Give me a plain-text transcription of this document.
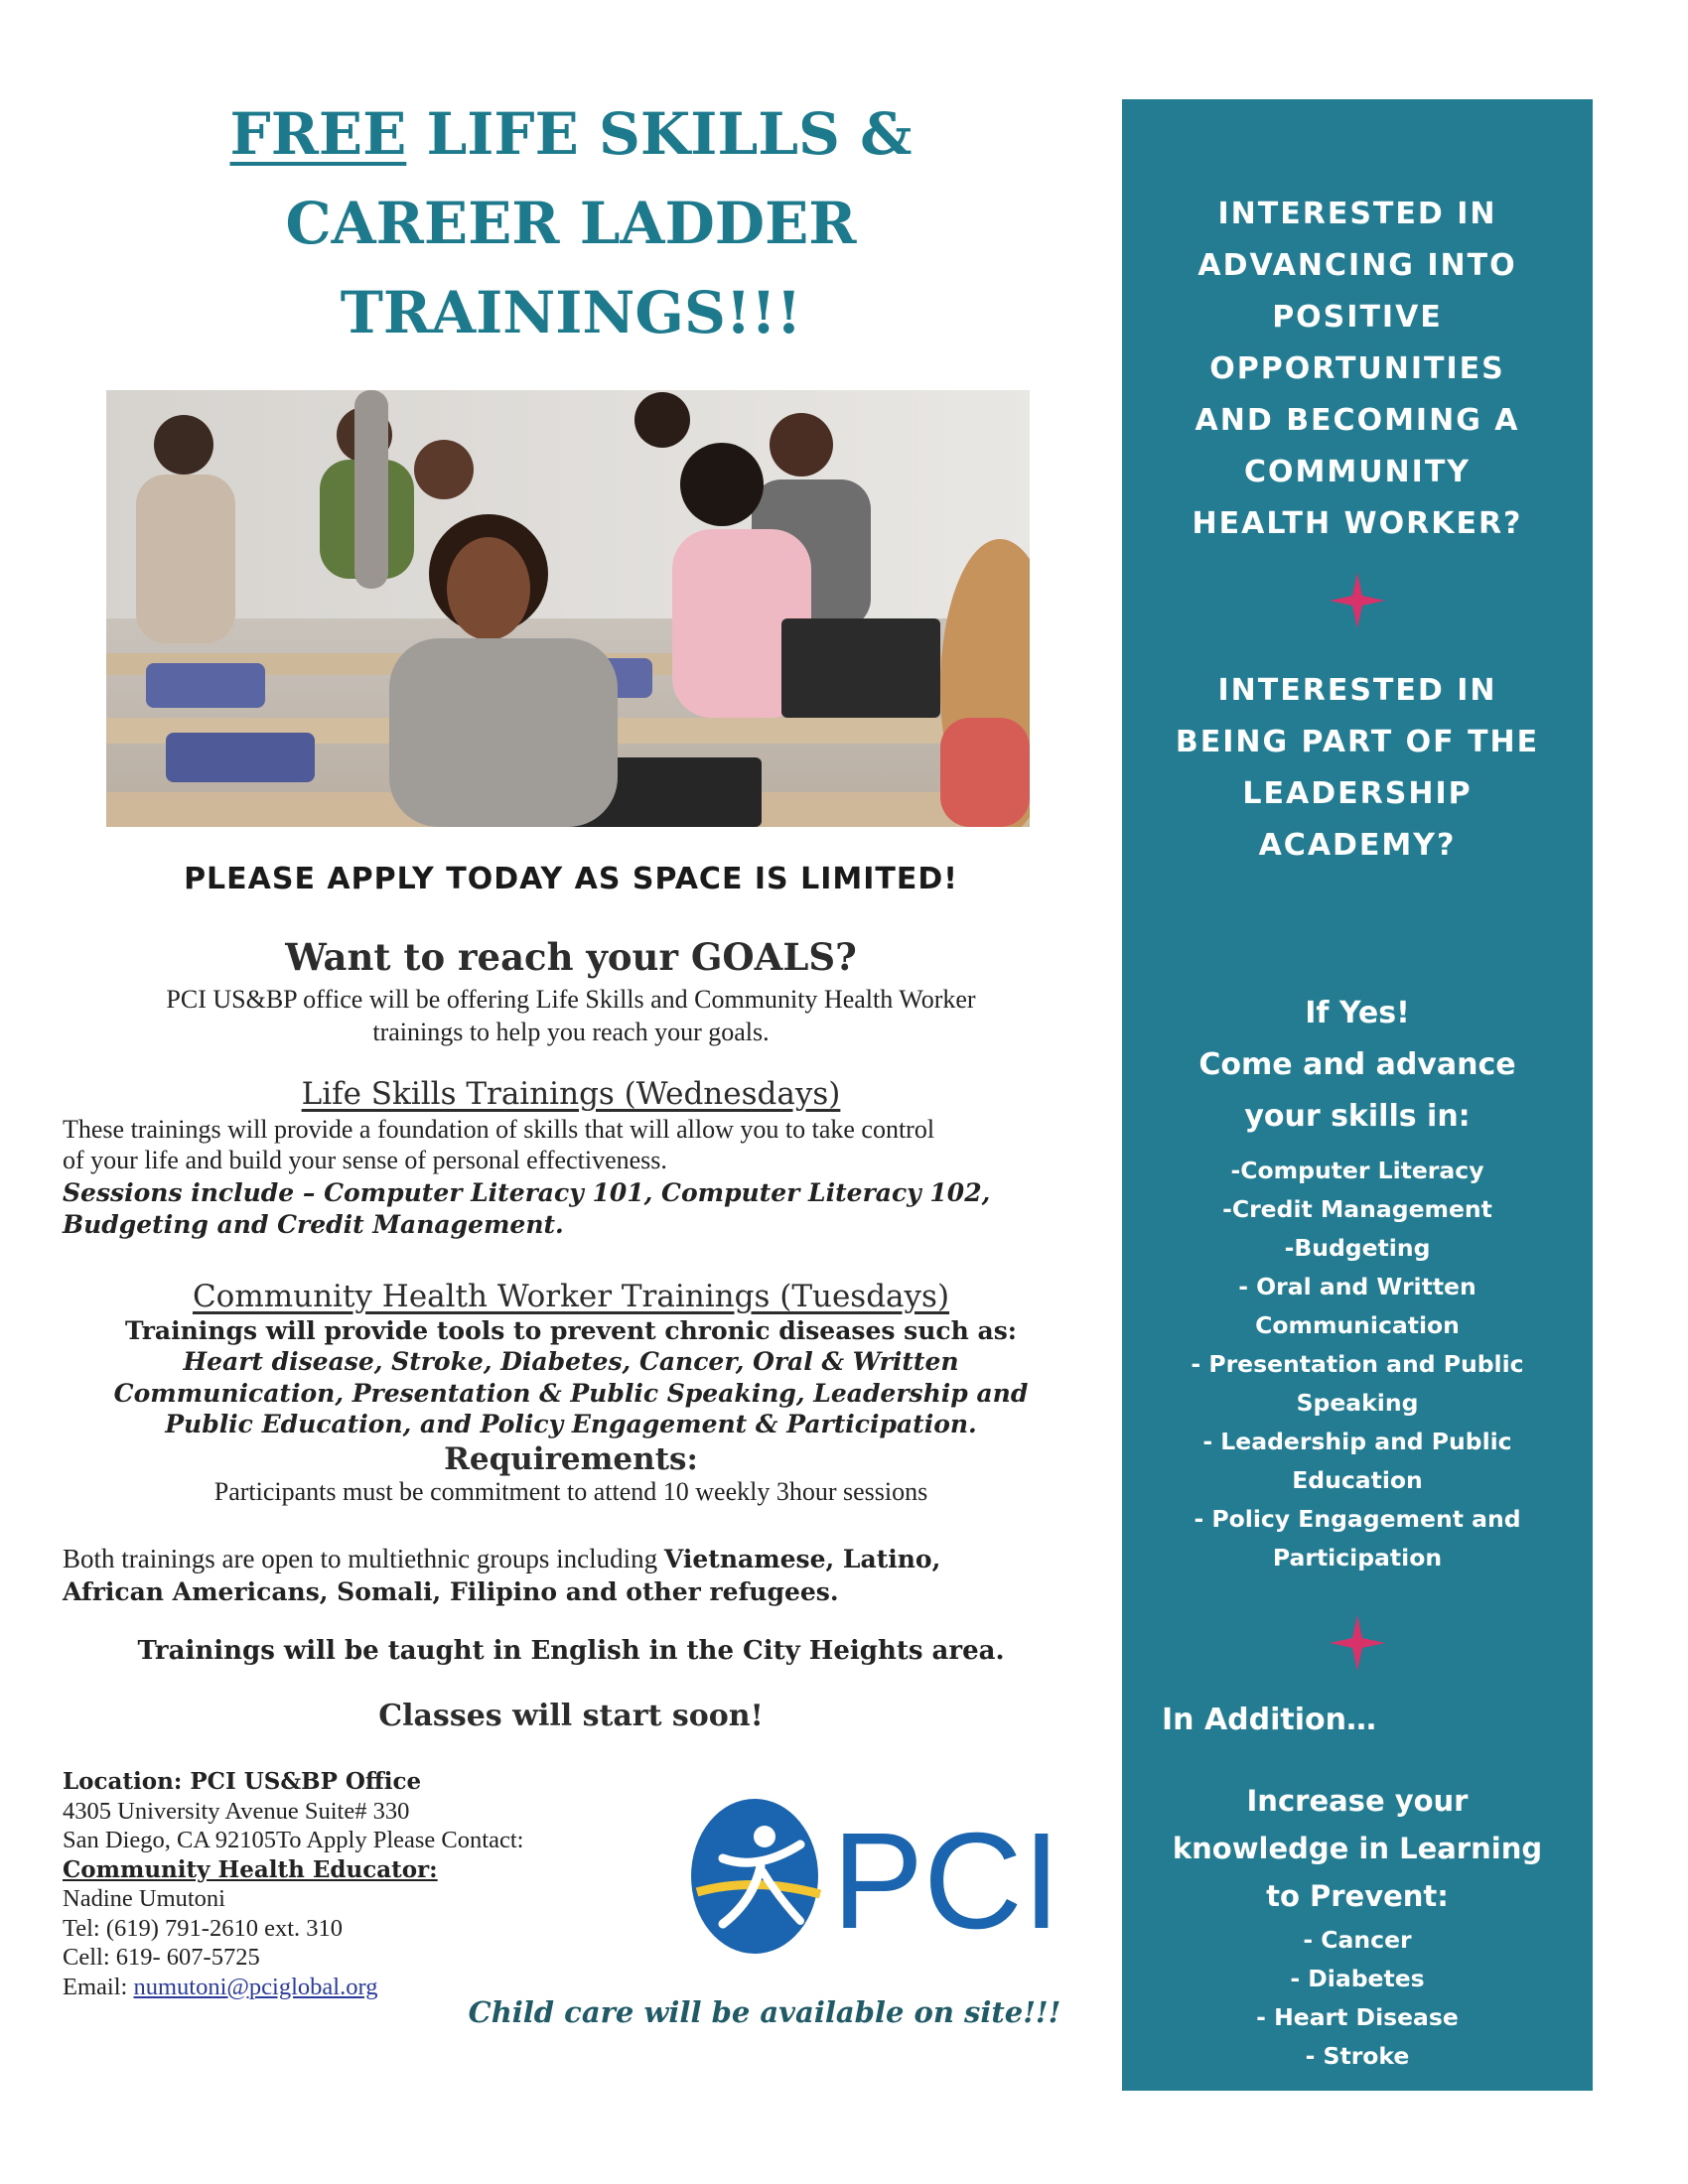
FREE LIFE SKILLS &

CAREER LADDER

TRAININGS!!!

PLEASE APPLY TODAY AS SPACE IS LIMITED!
Want to reach your GOALS?
PCI US&BP office will be offering Life Skills and Community Health Worker
trainings to help you reach your goals.
Life Skills Trainings (Wednesdays)
These trainings will provide a foundation of skills that will allow you to take control
of your life and build your sense of personal effectiveness.
Sessions include – Computer Literacy 101, Computer Literacy 102,
Budgeting and Credit Management.
Community Health Worker Trainings (Tuesdays)
Trainings will provide tools to prevent chronic diseases such as:
Heart disease, Stroke, Diabetes, Cancer, Oral & Written
Communication, Presentation & Public Speaking, Leadership and
Public Education, and Policy Engagement & Participation.
Requirements:
Participants must be commitment to attend 10 weekly 3hour sessions
Both trainings are open to multiethnic groups including Vietnamese, Latino,
African Americans, Somali, Filipino and other refugees.
Trainings will be taught in English in the City Heights area.
Classes will start soon!
Location: PCI US&BP Office
4305 University Avenue Suite# 330
San Diego, CA 92105To Apply Please Contact:
Community Health Educator:
Nadine Umutoni
Tel: (619) 791-2610 ext. 310
Cell: 619- 607-5725
Email: numutoni@pciglobal.org
PCI
Child care will be available on site!!!
INTERESTED IN
ADVANCING INTO
POSITIVE
OPPORTUNITIES
AND BECOMING A
COMMUNITY
HEALTH WORKER?
INTERESTED IN
BEING PART OF THE
LEADERSHIP
ACADEMY?
If Yes!
Come and advance
your skills in:
-Computer Literacy
-Credit Management
-Budgeting
- Oral and Written
Communication
- Presentation and Public
Speaking
- Leadership and Public
Education
- Policy Engagement and
Participation
In Addition…
Increase your
knowledge in Learning
to Prevent:
- Cancer
- Diabetes
- Heart Disease
- Stroke
